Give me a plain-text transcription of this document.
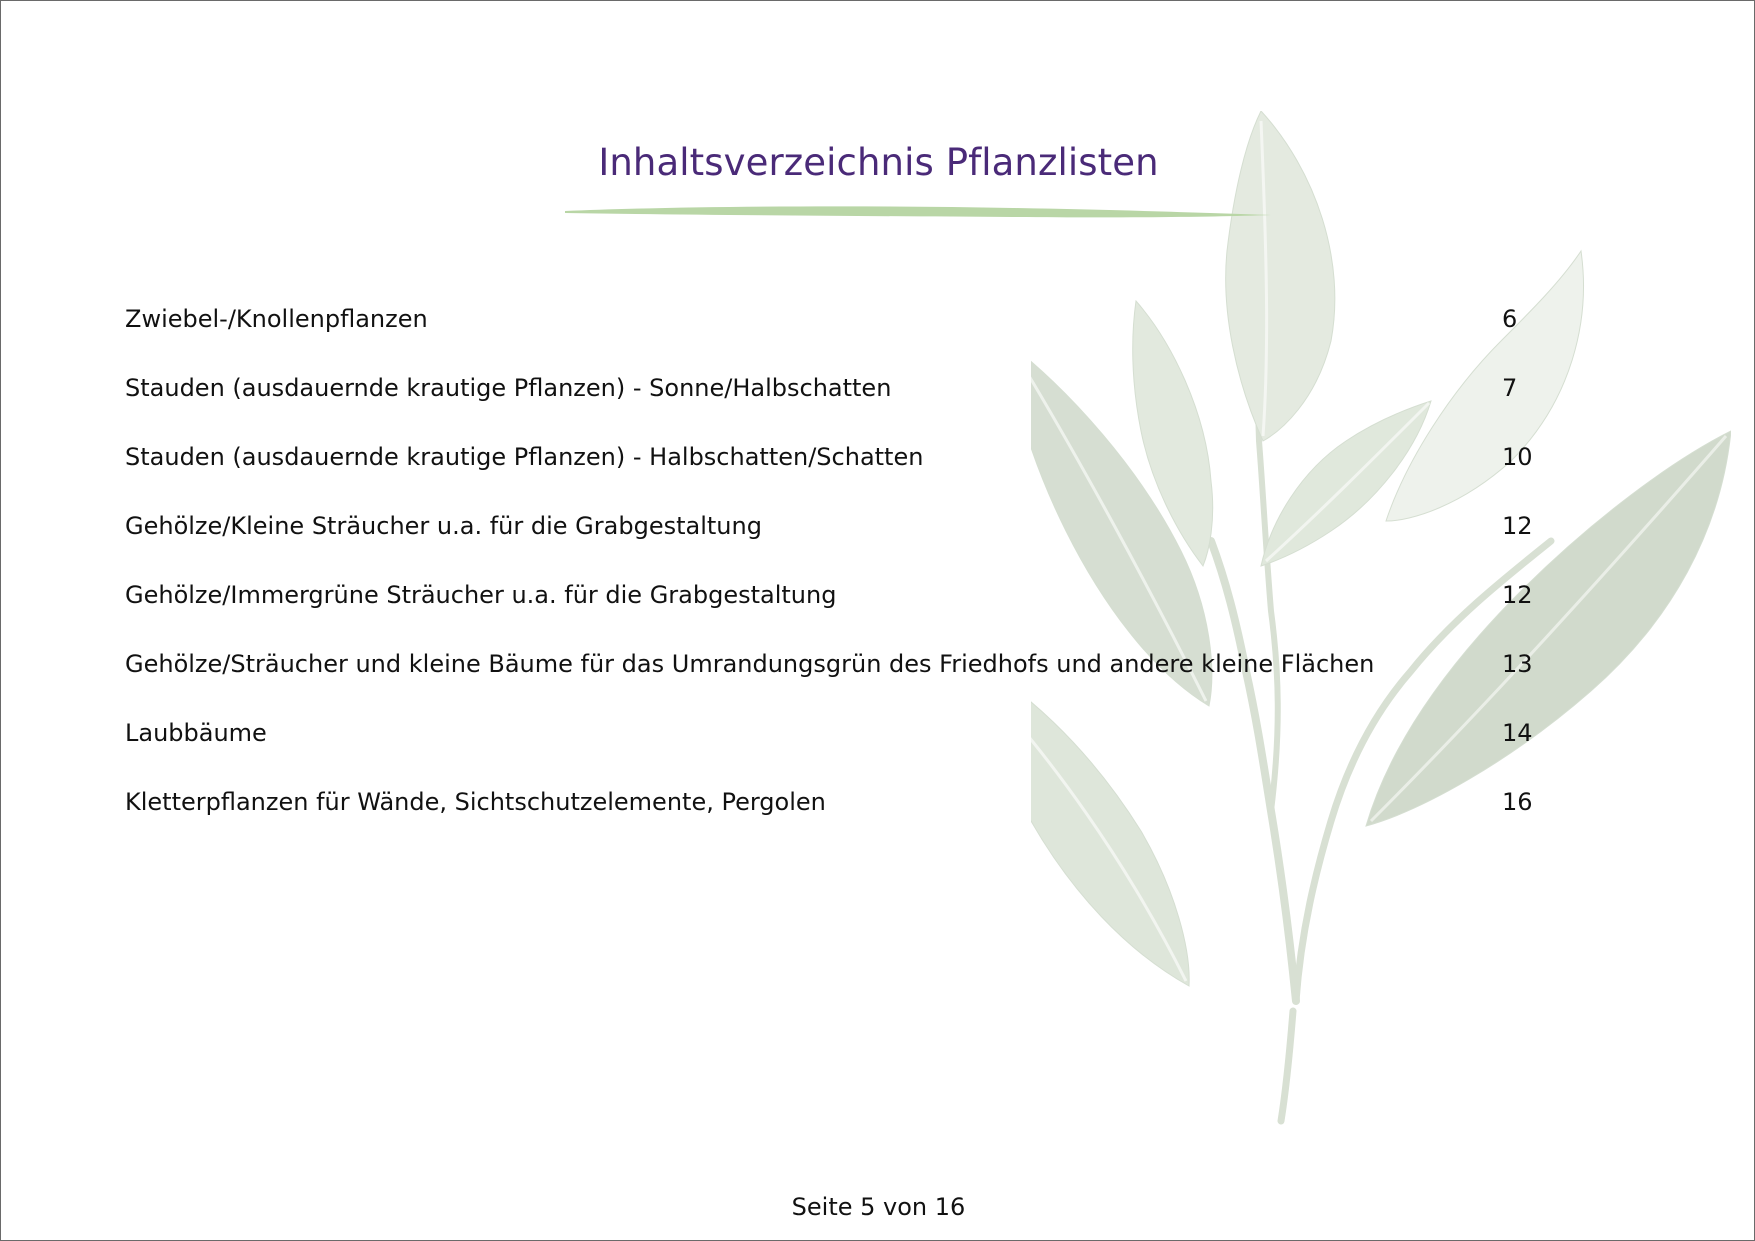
Inhaltsverzeichnis Pflanzlisten
Zwiebel-/Knollenpflanzen	6
Stauden (ausdauernde krautige Pflanzen) - Sonne/Halbschatten	7
Stauden (ausdauernde krautige Pflanzen) - Halbschatten/Schatten	10
Gehölze/Kleine Sträucher u.a. für die Grabgestaltung	12
Gehölze/Immergrüne Sträucher u.a. für die Grabgestaltung	12
Gehölze/Sträucher und kleine Bäume für das Umrandungsgrün des Friedhofs und andere kleine Flächen	13
Laubbäume	14
Kletterpflanzen für Wände, Sichtschutzelemente, Pergolen	16
Seite 5 von 16
